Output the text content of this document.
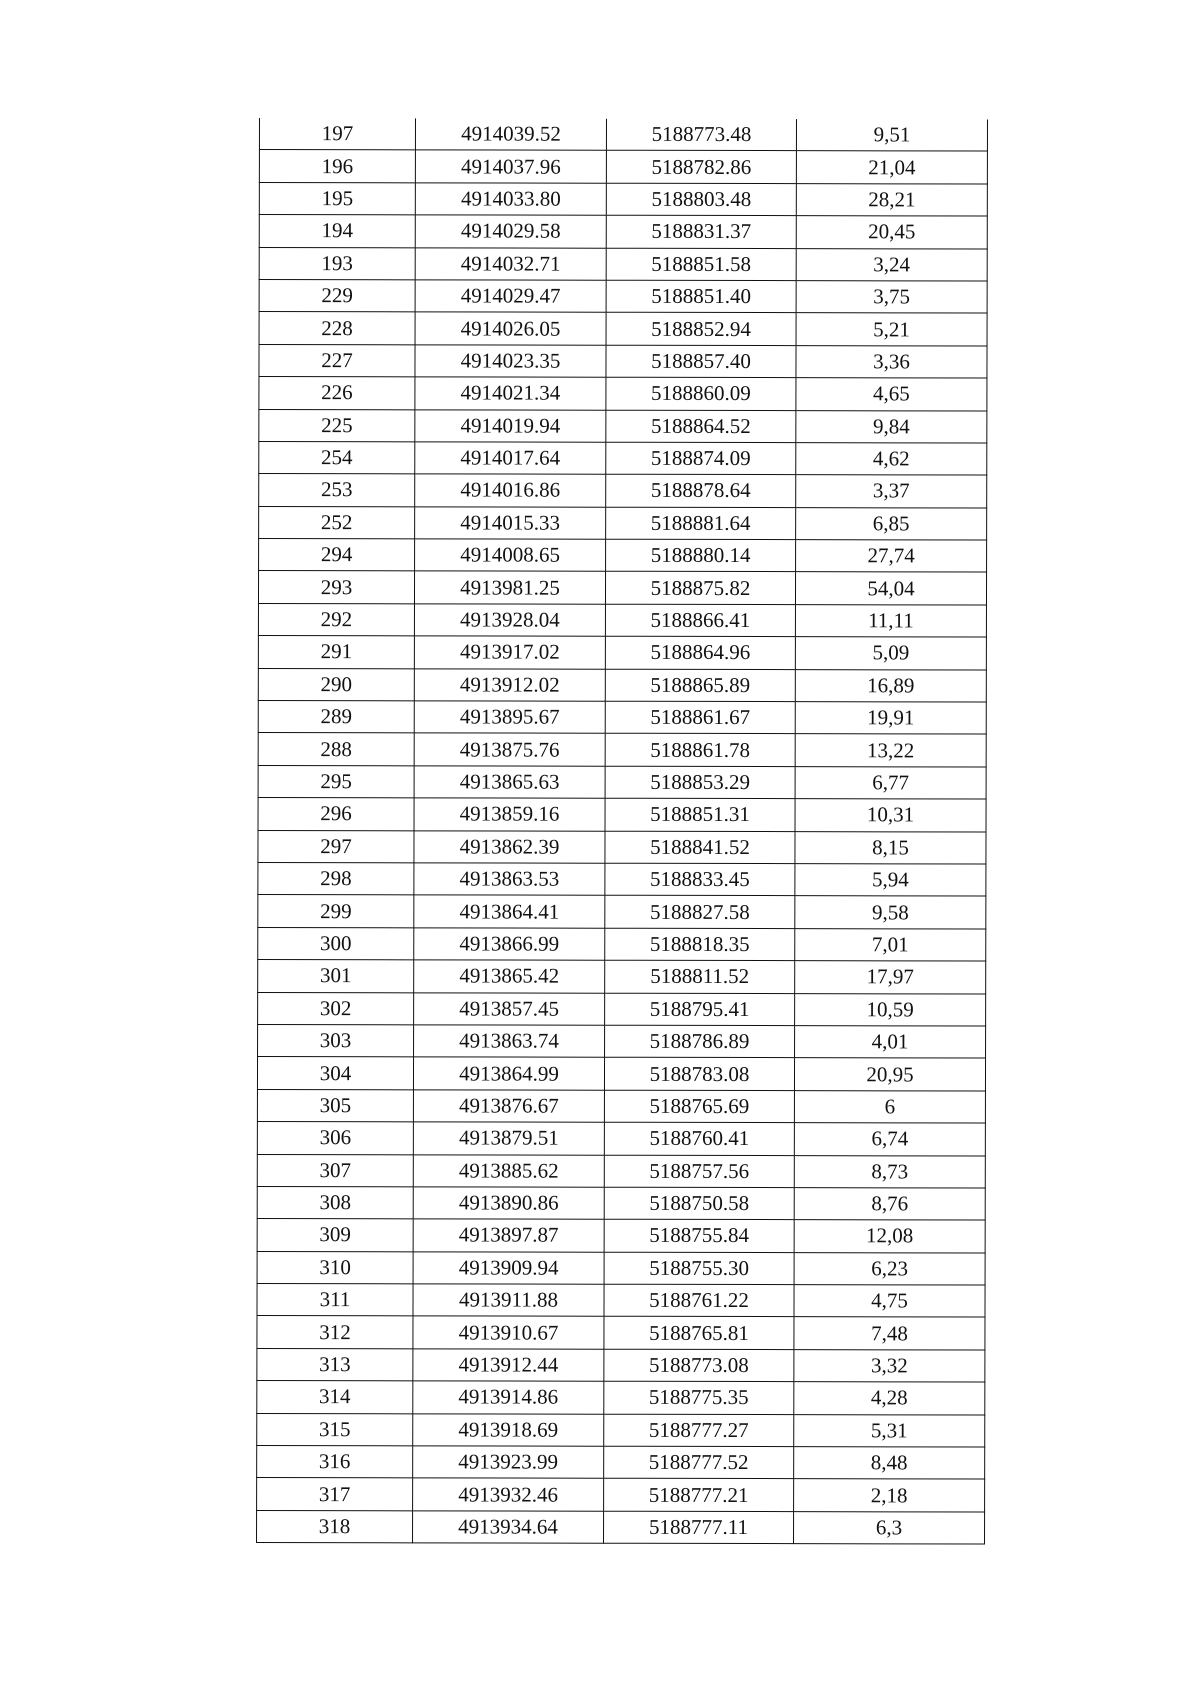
197	4914039.52	5188773.48	9,51
196	4914037.96	5188782.86	21,04
195	4914033.80	5188803.48	28,21
194	4914029.58	5188831.37	20,45
193	4914032.71	5188851.58	3,24
229	4914029.47	5188851.40	3,75
228	4914026.05	5188852.94	5,21
227	4914023.35	5188857.40	3,36
226	4914021.34	5188860.09	4,65
225	4914019.94	5188864.52	9,84
254	4914017.64	5188874.09	4,62
253	4914016.86	5188878.64	3,37
252	4914015.33	5188881.64	6,85
294	4914008.65	5188880.14	27,74
293	4913981.25	5188875.82	54,04
292	4913928.04	5188866.41	11,11
291	4913917.02	5188864.96	5,09
290	4913912.02	5188865.89	16,89
289	4913895.67	5188861.67	19,91
288	4913875.76	5188861.78	13,22
295	4913865.63	5188853.29	6,77
296	4913859.16	5188851.31	10,31
297	4913862.39	5188841.52	8,15
298	4913863.53	5188833.45	5,94
299	4913864.41	5188827.58	9,58
300	4913866.99	5188818.35	7,01
301	4913865.42	5188811.52	17,97
302	4913857.45	5188795.41	10,59
303	4913863.74	5188786.89	4,01
304	4913864.99	5188783.08	20,95
305	4913876.67	5188765.69	6
306	4913879.51	5188760.41	6,74
307	4913885.62	5188757.56	8,73
308	4913890.86	5188750.58	8,76
309	4913897.87	5188755.84	12,08
310	4913909.94	5188755.30	6,23
311	4913911.88	5188761.22	4,75
312	4913910.67	5188765.81	7,48
313	4913912.44	5188773.08	3,32
314	4913914.86	5188775.35	4,28
315	4913918.69	5188777.27	5,31
316	4913923.99	5188777.52	8,48
317	4913932.46	5188777.21	2,18
318	4913934.64	5188777.11	6,3
